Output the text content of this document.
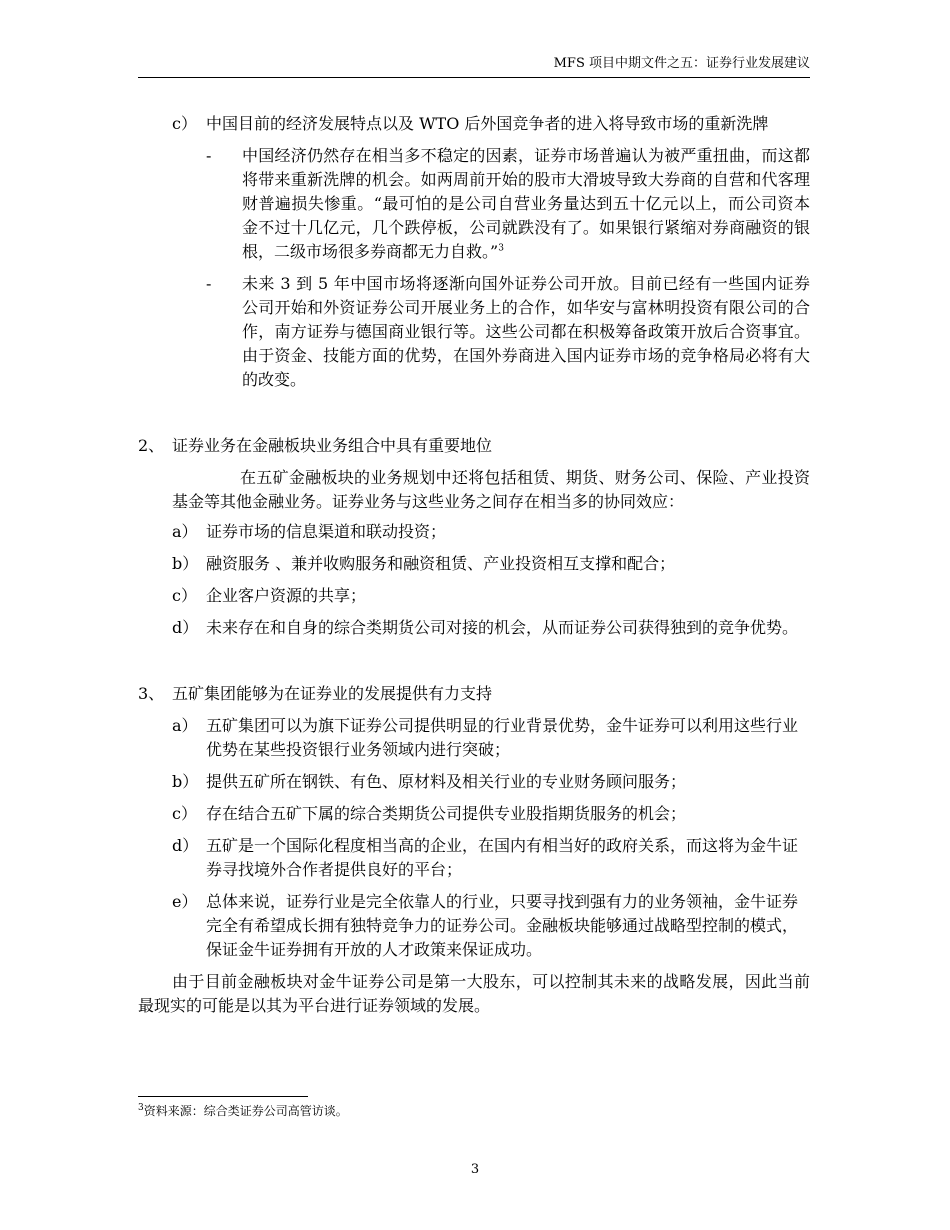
MFS 项目中期文件之五：证券行业发展建议
c） 中国目前的经济发展特点以及 WTO 后外国竞争者的进入将导致市场的重新洗牌
- 中国经济仍然存在相当多不稳定的因素，证券市场普遍认为被严重扭曲，而这都将带来重新洗牌的机会。如两周前开始的股市大滑坡导致大券商的自营和代客理财普遍损失惨重。“最可怕的是公司自营业务量达到五十亿元以上，而公司资本金不过十几亿元，几个跌停板，公司就跌没有了。如果银行紧缩对券商融资的银根，二级市场很多券商都无力自救。”$^3$
- 未来 3 到 5 年中国市场将逐渐向国外证券公司开放。目前已经有一些国内证券公司开始和外资证券公司开展业务上的合作，如华安与富林明投资有限公司的合作，南方证券与德国商业银行等。这些公司都在积极筹备政策开放后合资事宜。由于资金、技能方面的优势，在国外券商进入国内证券市场的竞争格局必将有大的改变。
2、 证券业务在金融板块业务组合中具有重要地位

在五矿金融板块的业务规划中还将包括租赁、期货、财务公司、保险、产业投资基金等其他金融业务。证券业务与这些业务之间存在相当多的协同效应：

a） 证券市场的信息渠道和联动投资；
b） 融资服务 、兼并收购服务和融资租赁、产业投资相互支撑和配合；
c） 企业客户资源的共享；
d） 未来存在和自身的综合类期货公司对接的机会，从而证券公司获得独到的竞争优势。
3、 五矿集团能够为在证券业的发展提供有力支持
a） 五矿集团可以为旗下证券公司提供明显的行业背景优势，金牛证券可以利用这些行业优势在某些投资银行业务领域内进行突破；
b） 提供五矿所在钢铁、有色、原材料及相关行业的专业财务顾问服务；
c） 存在结合五矿下属的综合类期货公司提供专业股指期货服务的机会；
d） 五矿是一个国际化程度相当高的企业，在国内有相当好的政府关系，而这将为金牛证券寻找境外合作者提供良好的平台；
e） 总体来说，证券行业是完全依靠人的行业，只要寻找到强有力的业务领袖，金牛证券完全有希望成长拥有独特竞争力的证券公司。金融板块能够通过战略型控制的模式，保证金牛证券拥有开放的人才政策来保证成功。

由于目前金融板块对金牛证券公司是第一大股东，可以控制其未来的战略发展，因此当前最现实的可能是以其为平台进行证券领域的发展。

$^3$资料来源：综合类证券公司高管访谈。
3
